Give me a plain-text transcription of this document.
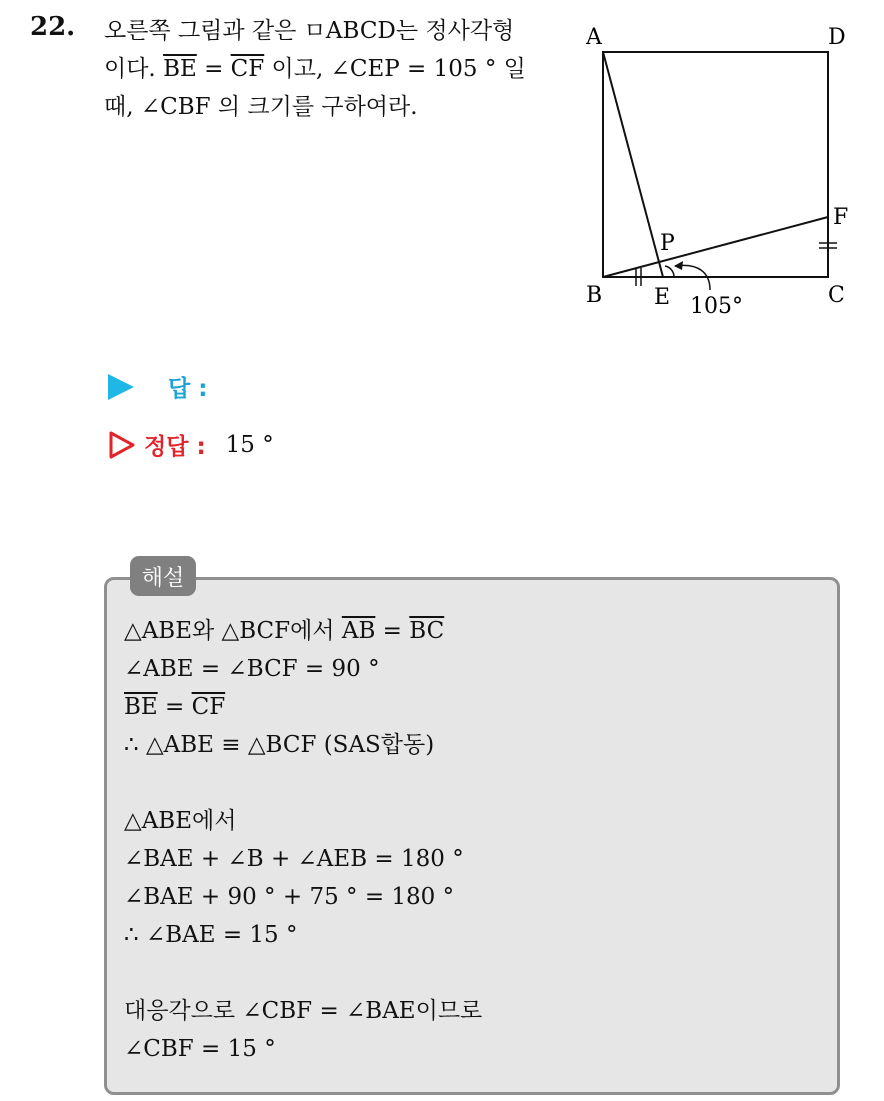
22. 오른쪽 그림과 같은 ㅁABCD는 정사각형
이다. $\overline{BE} = \overline{CF}$ 이고, ∠CEP = 105 ° 일
때, ∠CBF 의 크기를 구하여라.
A	D
B	C
E
F
P
105°
답 :
정답 : 15 °
해설
△ABE와 △BCF에서 $\overline{AB} = \overline{BC}$
∠ABE = ∠BCF = 90 °
$\overline{BE} = \overline{CF}$
∴ △ABE ≡ △BCF (SAS합동)
△ABE에서
∠BAE + ∠B + ∠AEB = 180 °
∠BAE + 90 ° + 75 ° = 180 °
∴ ∠BAE = 15 °
대응각으로 ∠CBF = ∠BAE이므로
∠CBF = 15 °
